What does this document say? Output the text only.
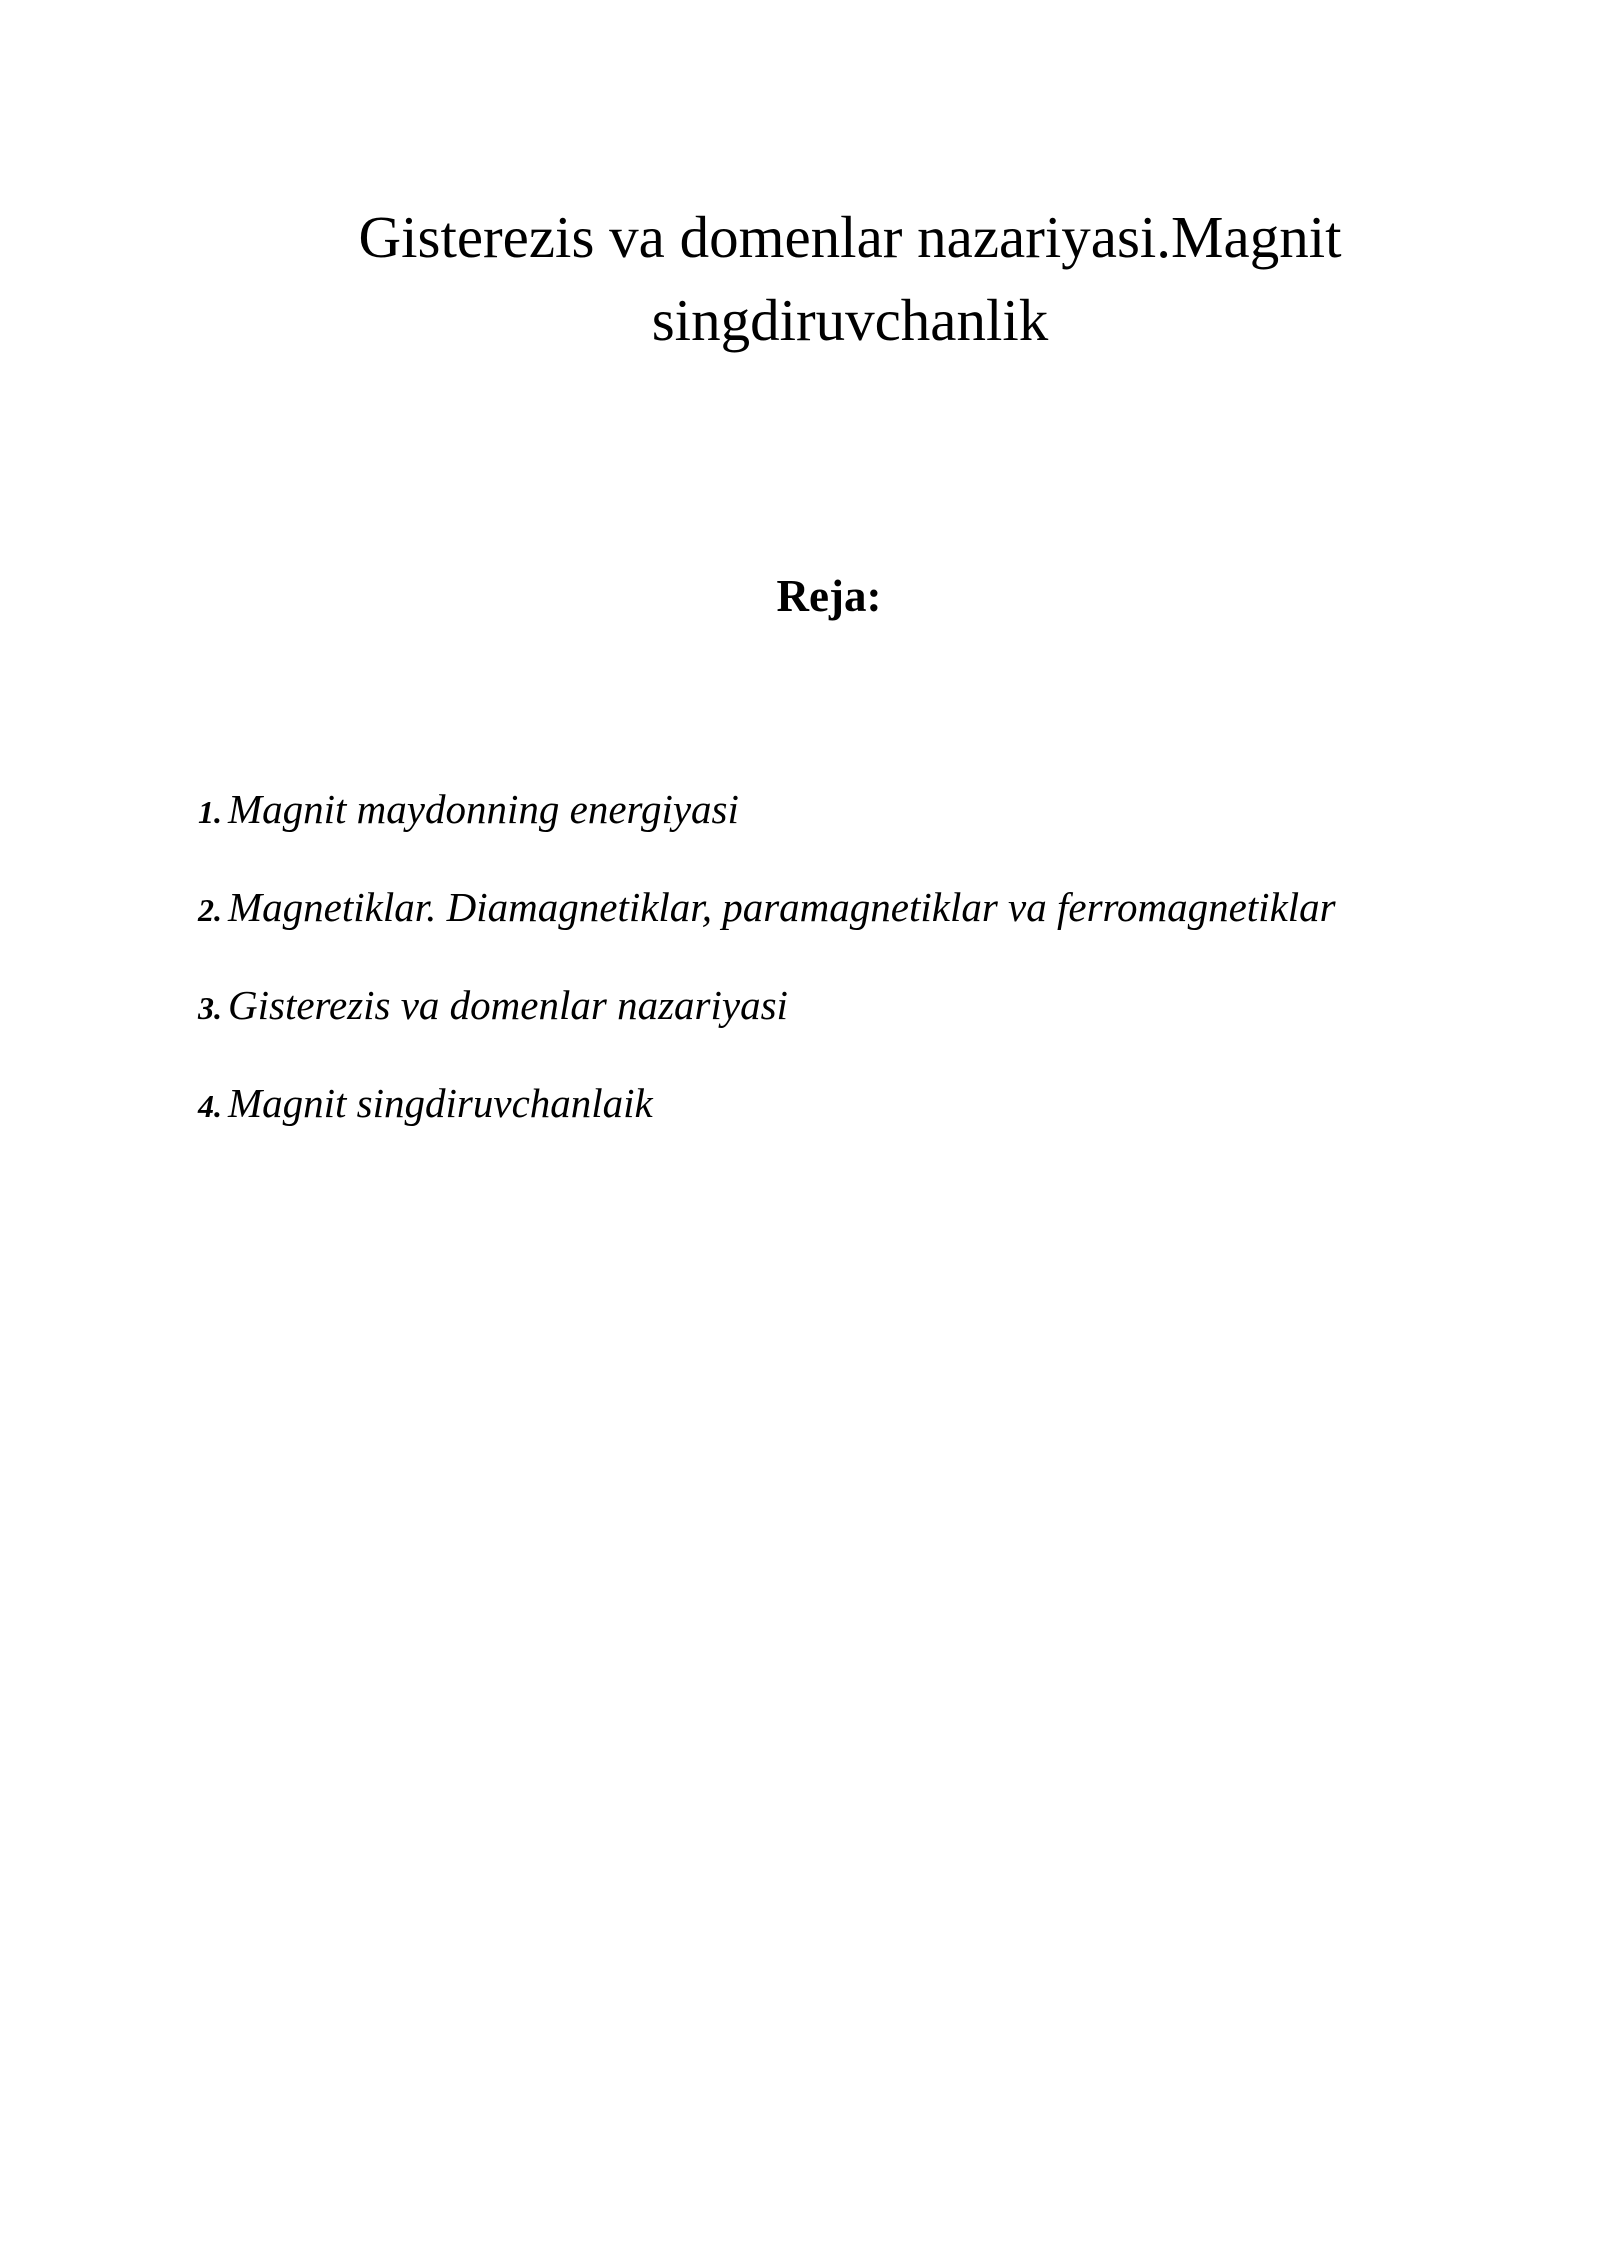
Gisterezis va domenlar nazariyasi.Magnit
singdiruvchanlik
Reja:
1. Magnit maydonning energiyasi
2. Magnetiklar. Diamagnetiklar, paramagnetiklar va ferromagnetiklar
3. Gisterezis va domenlar nazariyasi
4. Magnit singdiruvchanlaik
